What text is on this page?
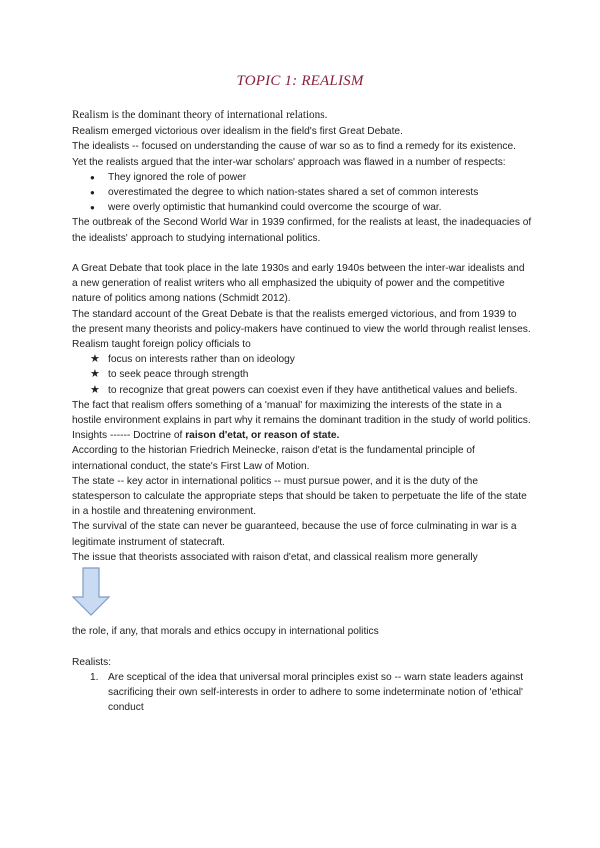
TOPIC 1: REALISM

Realism is the dominant theory of international relations.

Realism emerged victorious over idealism in the field's first Great Debate.

The idealists -- focused on understanding the cause of war so as to find a remedy for its existence. Yet the realists argued that the inter-war scholars' approach was flawed in a number of respects:

● They ignored the role of power
● overestimated the degree to which nation-states shared a set of common interests
● were overly optimistic that humankind could overcome the scourge of war.

The outbreak of the Second World War in 1939 confirmed, for the realists at least, the inadequacies of the idealists' approach to studying international politics.

A Great Debate that took place in the late 1930s and early 1940s between the inter-war idealists and a new generation of realist writers who all emphasized the ubiquity of power and the competitive nature of politics among nations (Schmidt 2012).

The standard account of the Great Debate is that the realists emerged victorious, and from 1939 to the present many theorists and policy-makers have continued to view the world through realist lenses.

Realism taught foreign policy officials to

★ focus on interests rather than on ideology
★ to seek peace through strength
★ to recognize that great powers can coexist even if they have antithetical values and beliefs.

The fact that realism offers something of a 'manual' for maximizing the interests of the state in a hostile environment explains in part why it remains the dominant tradition in the study of world politics.

Insights ------ Doctrine of raison d'etat, or reason of state.

According to the historian Friedrich Meinecke, raison d'etat is the fundamental principle of international conduct, the state's First Law of Motion.

The state -- key actor in international politics -- must pursue power, and it is the duty of the statesperson to calculate the appropriate steps that should be taken to perpetuate the life of the state in a hostile and threatening environment.

The survival of the state can never be guaranteed, because the use of force culminating in war is a legitimate instrument of statecraft.

The issue that theorists associated with raison d'etat, and classical realism more generally

the role, if any, that morals and ethics occupy in international politics

Realists:

1. Are sceptical of the idea that universal moral principles exist so -- warn state leaders against sacrificing their own self-interests in order to adhere to some indeterminate notion of 'ethical' conduct
